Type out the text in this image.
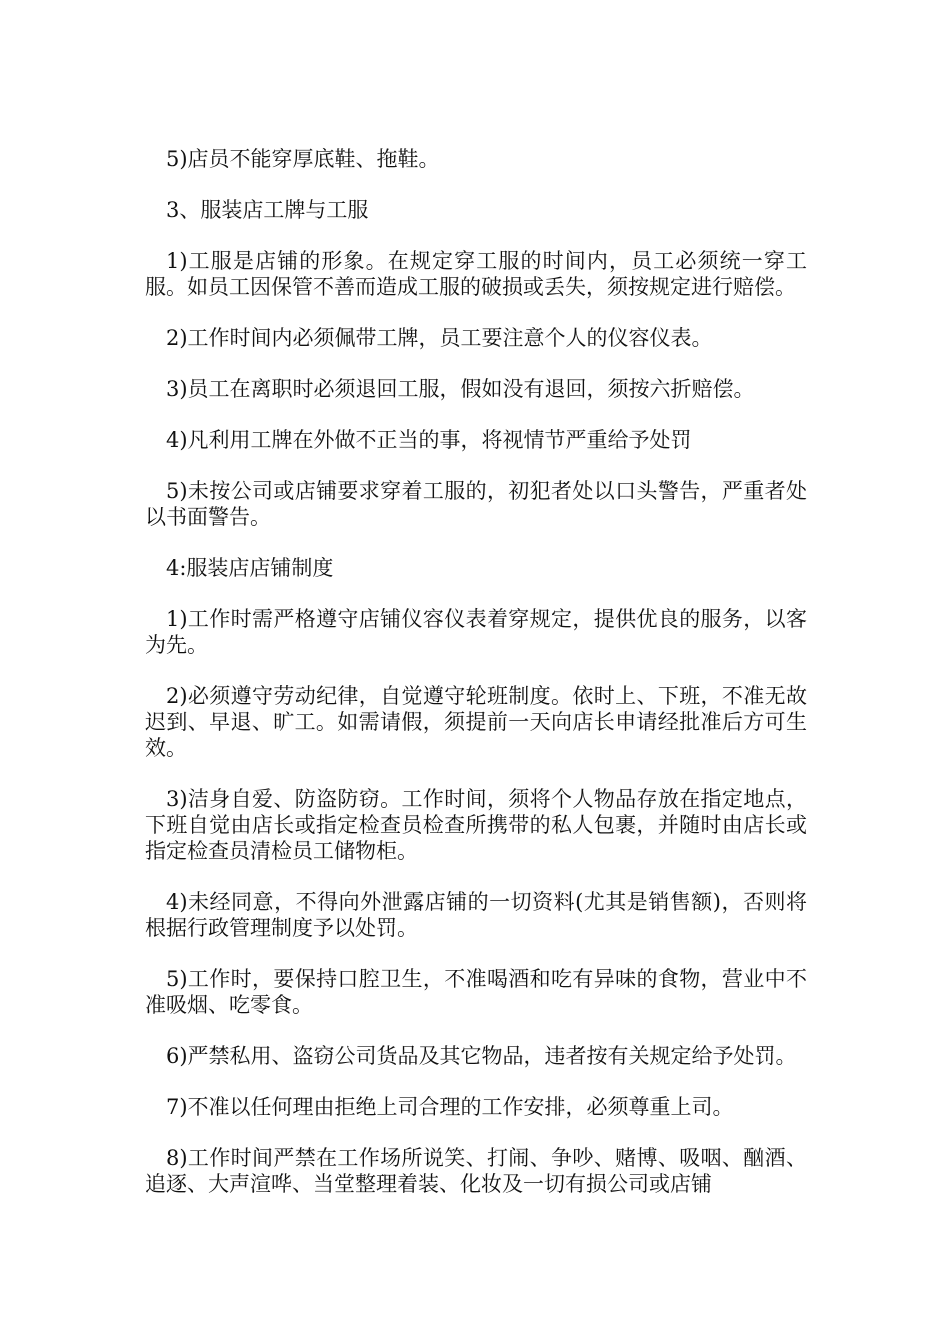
5)店员不能穿厚底鞋、拖鞋。

3、服装店工牌与工服

1)工服是店铺的形象。在规定穿工服的时间内，员工必须统一穿工服。如员工因保管不善而造成工服的破损或丢失，须按规定进行赔偿。

2)工作时间内必须佩带工牌，员工要注意个人的仪容仪表。

3)员工在离职时必须退回工服，假如没有退回，须按六折赔偿。

4)凡利用工牌在外做不正当的事，将视情节严重给予处罚

5)未按公司或店铺要求穿着工服的，初犯者处以口头警告，严重者处以书面警告。

4:服装店店铺制度

1)工作时需严格遵守店铺仪容仪表着穿规定，提供优良的服务，以客为先。

2)必须遵守劳动纪律，自觉遵守轮班制度。依时上、下班，不准无故迟到、早退、旷工。如需请假，须提前一天向店长申请经批准后方可生效。

3)洁身自爱、防盗防窃。工作时间，须将个人物品存放在指定地点，下班自觉由店长或指定检查员检查所携带的私人包裹，并随时由店长或指定检查员清检员工储物柜。

4)未经同意，不得向外泄露店铺的一切资料(尤其是销售额)，否则将根据行政管理制度予以处罚。

5)工作时，要保持口腔卫生，不准喝酒和吃有异味的食物，营业中不准吸烟、吃零食。

6)严禁私用、盗窃公司货品及其它物品，违者按有关规定给予处罚。

7)不准以任何理由拒绝上司合理的工作安排，必须尊重上司。

8)工作时间严禁在工作场所说笑、打闹、争吵、赌博、吸咽、酗酒、追逐、大声渲哗、当堂整理着装、化妆及一切有损公司或店铺
